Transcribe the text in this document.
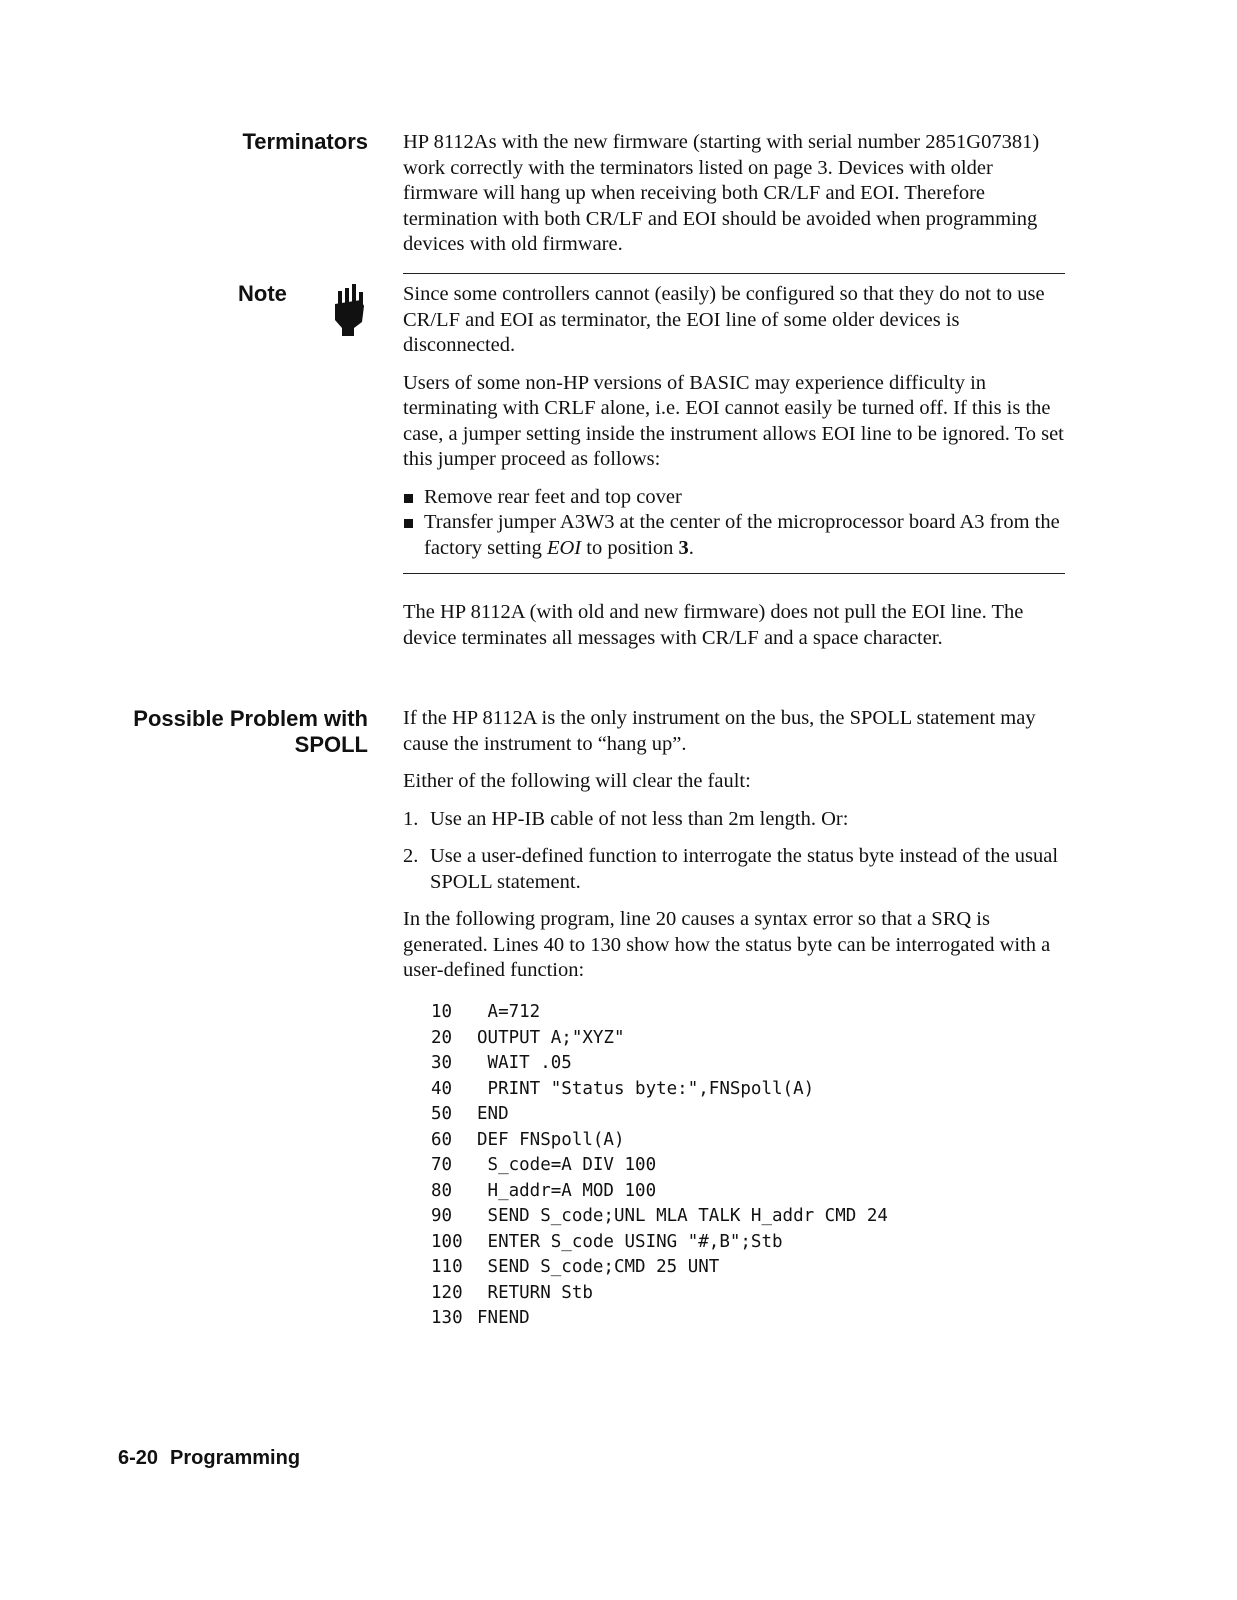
Terminators HP 8112As with the new firmware (starting with serial number 2851G07381) work correctly with the terminators listed on page 3. Devices with older firmware will hang up when receiving both CR/LF and EOI. Therefore termination with both CR/LF and EOI should be avoided when programming devices with old firmware.

Note	Since some controllers cannot (easily) be configured so that they do not to use CR/LF and EOI as terminator, the EOI line of some older devices is disconnected.

Users of some non-HP versions of BASIC may experience difficulty in terminating with CRLF alone, i.e. EOI cannot easily be turned off. If this is the case, a jumper setting inside the instrument allows EOI line to be ignored. To set this jumper proceed as follows:

Remove rear feet and top cover
Transfer jumper A3W3 at the center of the microprocessor board A3 from the factory setting EOI to position 3.

The HP 8112A (with old and new firmware) does not pull the EOI line. The device terminates all messages with CR/LF and a space character.

Possible Problem with
SPOLL

If the HP 8112A is the only instrument on the bus, the SPOLL statement may cause the instrument to “hang up”.

Either of the following will clear the fault:

1. Use an HP-IB cable of not less than 2m length. Or:
2. Use a user-defined function to interrogate the status byte instead of the usual SPOLL statement.

In the following program, line 20 causes a syntax error so that a SRQ is generated. Lines 40 to 130 show how the status byte can be interrogated with a user-defined function:

10	A=712
20	OUTPUT A;"XYZ"
30	WAIT .05
40	PRINT "Status byte:",FNSpoll(A)
50	END
60	DEF FNSpoll(A)
70	S_code=A DIV 100
80	H_addr=A MOD 100
90	SEND S_code;UNL MLA TALK H_addr CMD 24
100 ENTER S_code USING "#,B";Stb
110 SEND S_code;CMD 25 UNT
120 RETURN Stb
130 FNEND
6-20 Programming
